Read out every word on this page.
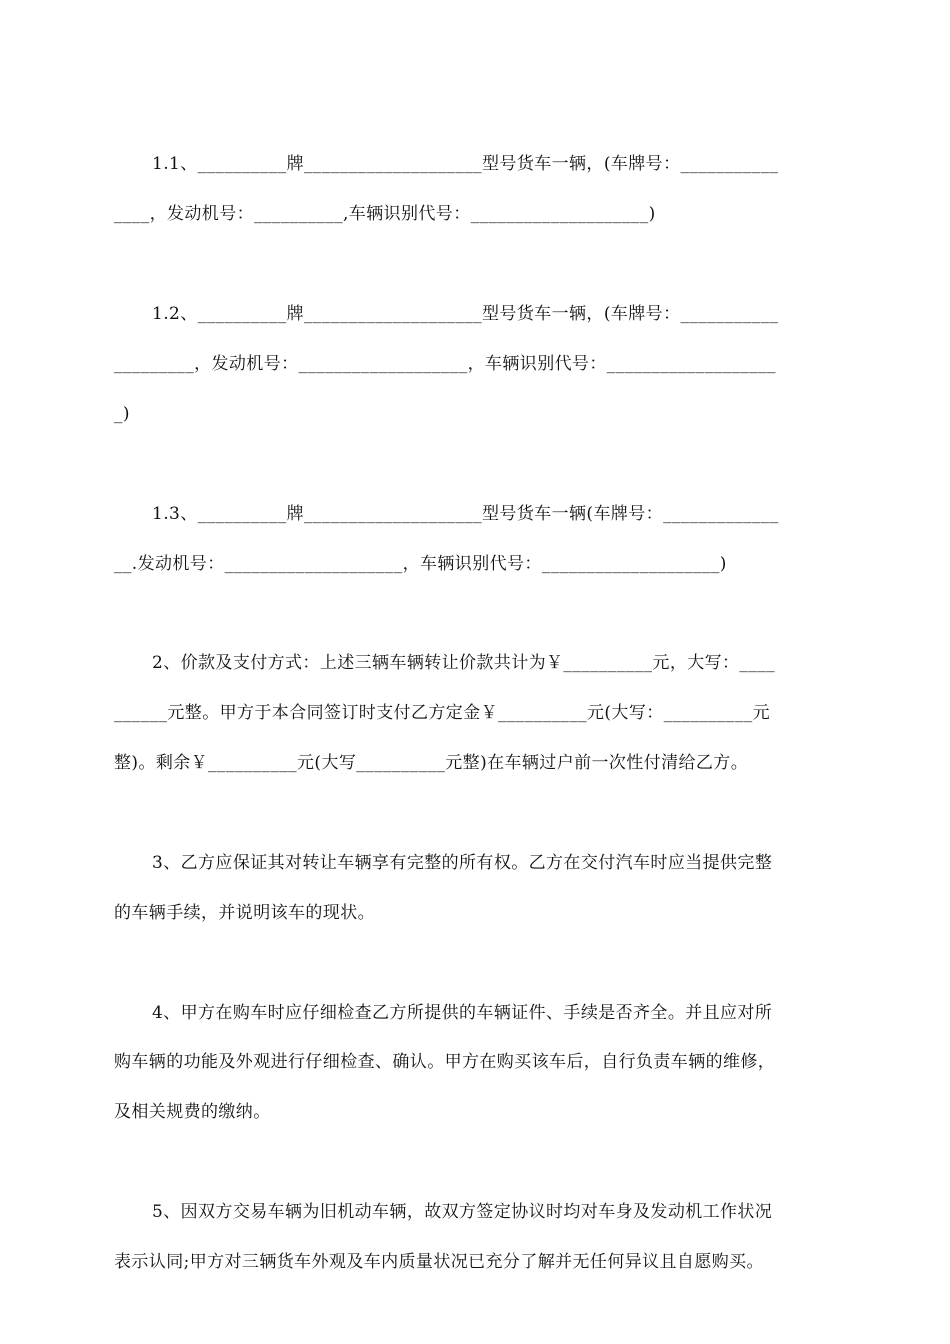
1.1、__________牌____________________型号货车一辆，(车牌号：___________
____，发动机号：__________,车辆识别代号：____________________)
1.2、__________牌____________________型号货车一辆，(车牌号：___________
_________，发动机号：___________________，车辆识别代号：___________________
_)
1.3、__________牌____________________型号货车一辆(车牌号：_____________
__.发动机号：____________________，车辆识别代号：____________________)
2、价款及支付方式：上述三辆车辆转让价款共计为￥__________元，大写：____
______元整。甲方于本合同签订时支付乙方定金￥__________元(大写：__________元
整)。剩余￥__________元(大写__________元整)在车辆过户前一次性付清给乙方。
3、乙方应保证其对转让车辆享有完整的所有权。乙方在交付汽车时应当提供完整
的车辆手续，并说明该车的现状。
4、甲方在购车时应仔细检查乙方所提供的车辆证件、手续是否齐全。并且应对所
购车辆的功能及外观进行仔细检查、确认。甲方在购买该车后，自行负责车辆的维修，
及相关规费的缴纳。
5、因双方交易车辆为旧机动车辆，故双方签定协议时均对车身及发动机工作状况
表示认同;甲方对三辆货车外观及车内质量状况已充分了解并无任何异议且自愿购买。
